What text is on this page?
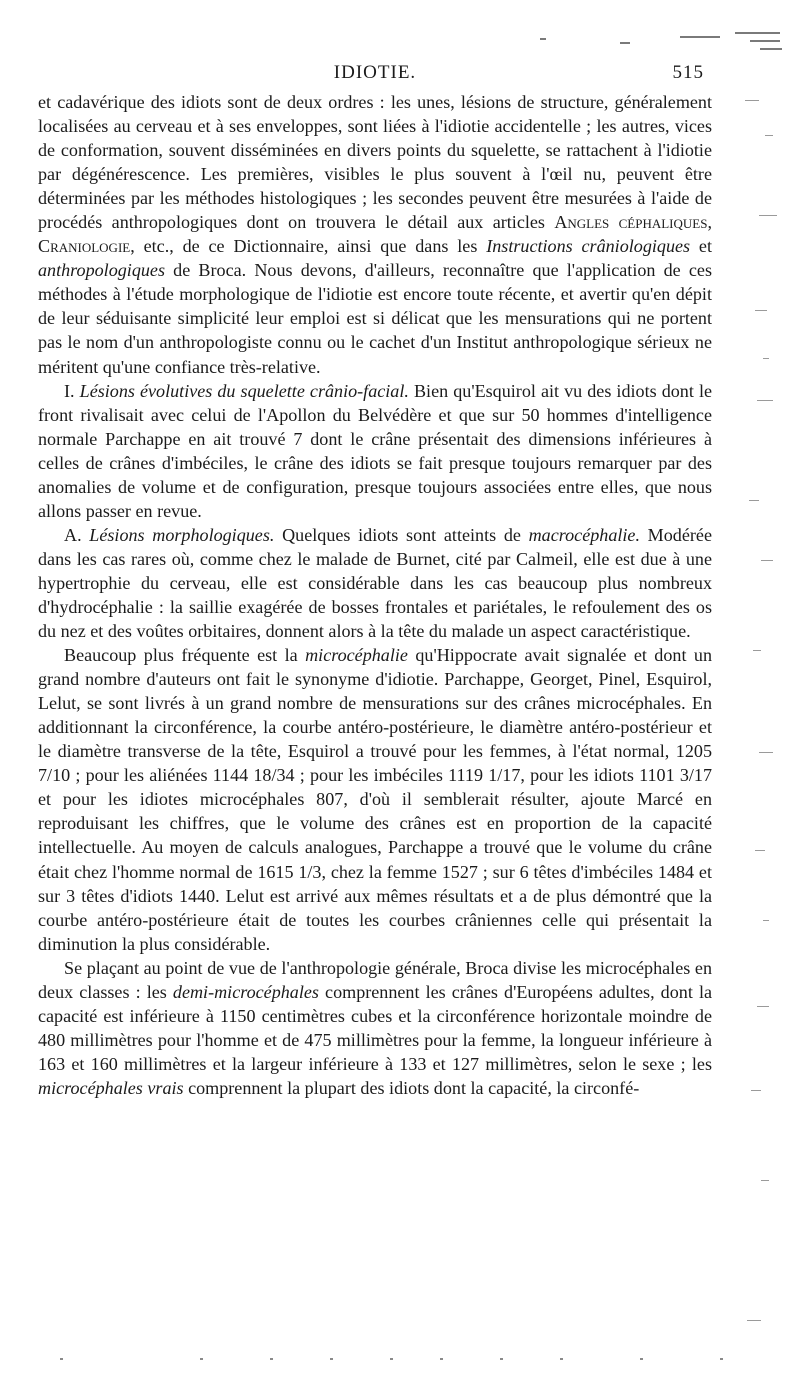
IDIOTIE.	515

et cadavérique des idiots sont de deux ordres : les unes, lésions de structure, généralement localisées au cerveau et à ses enveloppes, sont liées à l'idiotie accidentelle ; les autres, vices de conformation, souvent disséminées en divers points du squelette, se rattachent à l'idiotie par dégénérescence. Les premières, visibles le plus souvent à l'œil nu, peuvent être déterminées par les méthodes histologiques ; les secondes peuvent être mesurées à l'aide de procédés anthropologiques dont on trouvera le détail aux articles Angles céphaliques, Craniologie, etc., de ce Dictionnaire, ainsi que dans les Instructions crâniologiques et anthropologiques de Broca. Nous devons, d'ailleurs, reconnaître que l'application de ces méthodes à l'étude morphologique de l'idiotie est encore toute récente, et avertir qu'en dépit de leur séduisante simplicité leur emploi est si délicat que les mensurations qui ne portent pas le nom d'un anthropologiste connu ou le cachet d'un Institut anthropologique sérieux ne méritent qu'une confiance très-relative.

I. Lésions évolutives du squelette crânio-facial. Bien qu'Esquirol ait vu des idiots dont le front rivalisait avec celui de l'Apollon du Belvédère et que sur 50 hommes d'intelligence normale Parchappe en ait trouvé 7 dont le crâne présentait des dimensions inférieures à celles de crânes d'imbéciles, le crâne des idiots se fait presque toujours remarquer par des anomalies de volume et de configuration, presque toujours associées entre elles, que nous allons passer en revue.

A. Lésions morphologiques. Quelques idiots sont atteints de macrocéphalie. Modérée dans les cas rares où, comme chez le malade de Burnet, cité par Calmeil, elle est due à une hypertrophie du cerveau, elle est considérable dans les cas beaucoup plus nombreux d'hydrocéphalie : la saillie exagérée de bosses frontales et pariétales, le refoulement des os du nez et des voûtes orbitaires, donnent alors à la tête du malade un aspect caractéristique.

Beaucoup plus fréquente est la microcéphalie qu'Hippocrate avait signalée et dont un grand nombre d'auteurs ont fait le synonyme d'idiotie. Parchappe, Georget, Pinel, Esquirol, Lelut, se sont livrés à un grand nombre de mensurations sur des crânes microcéphales. En additionnant la circonférence, la courbe antéro-postérieure, le diamètre antéro-postérieur et le diamètre transverse de la tête, Esquirol a trouvé pour les femmes, à l'état normal, 1205 7/10 ; pour les aliénées 1144 18/34 ; pour les imbéciles 1119 1/17, pour les idiots 1101 3/17 et pour les idiotes microcéphales 807, d'où il semblerait résulter, ajoute Marcé en reproduisant les chiffres, que le volume des crânes est en proportion de la capacité intellectuelle. Au moyen de calculs analogues, Parchappe a trouvé que le volume du crâne était chez l'homme normal de 1615 1/3, chez la femme 1527 ; sur 6 têtes d'imbéciles 1484 et sur 3 têtes d'idiots 1440. Lelut est arrivé aux mêmes résultats et a de plus démontré que la courbe antéro-postérieure était de toutes les courbes crâniennes celle qui présentait la diminution la plus considérable.

Se plaçant au point de vue de l'anthropologie générale, Broca divise les microcéphales en deux classes : les demi-microcéphales comprennent les crânes d'Européens adultes, dont la capacité est inférieure à 1150 centimètres cubes et la circonférence horizontale moindre de 480 millimètres pour l'homme et de 475 millimètres pour la femme, la longueur inférieure à 163 et 160 millimètres et la largeur inférieure à 133 et 127 millimètres, selon le sexe ; les microcéphales vrais comprennent la plupart des idiots dont la capacité, la circonfé-
